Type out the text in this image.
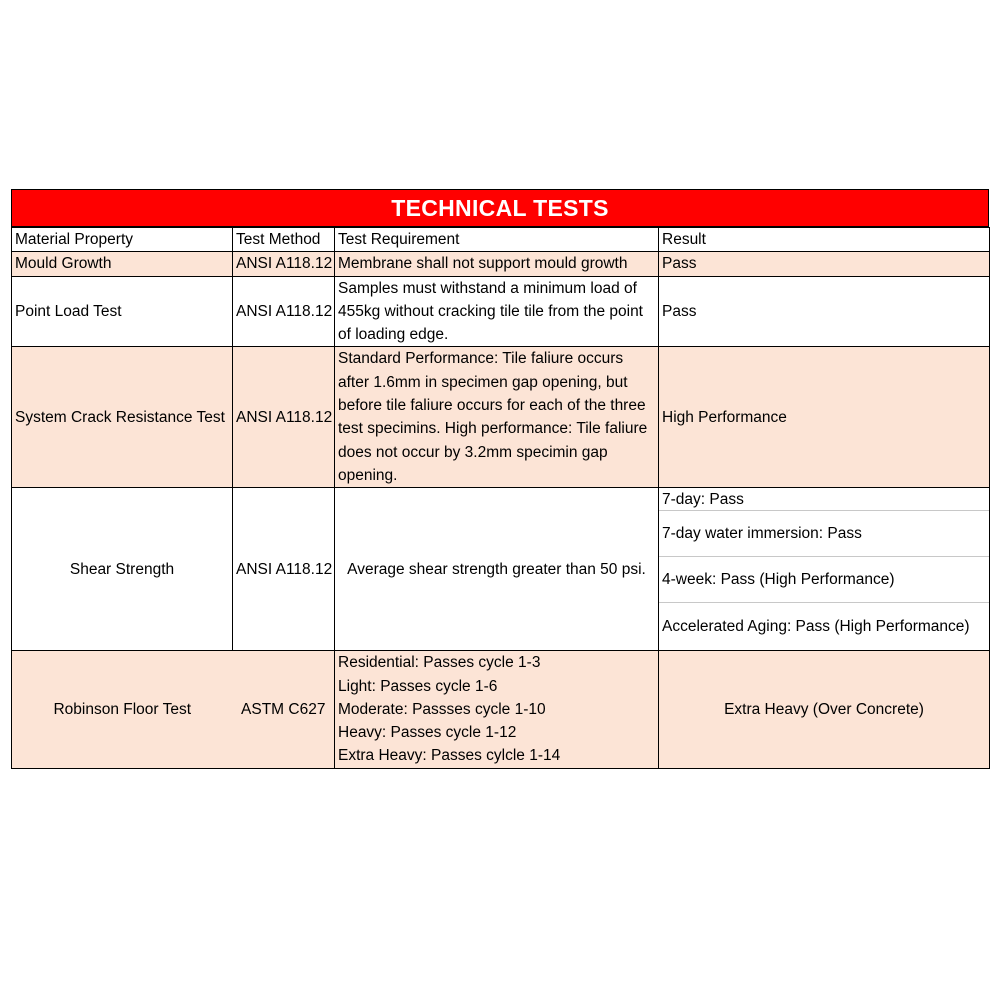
TECHNICAL TESTS
Material Property	Test Method	Test Requirement	Result
Mould Growth	ANSI A118.12	Membrane shall not support mould growth	Pass
Point Load Test	ANSI A118.12	Samples must withstand a minimum load of 455kg without cracking tile tile from the point of loading edge.	Pass
System Crack Resistance Test	ANSI A118.12	Standard Performance: Tile faliure occurs after 1.6mm in specimen gap opening, but before tile faliure occurs for each of the three test specimins. High performance: Tile faliure does not occur by 3.2mm specimin gap opening.	High Performance
Shear Strength	ANSI A118.12	Average shear strength greater than 50 psi.	7-day: Pass
7-day water immersion: Pass
4-week: Pass (High Performance)
Accelerated Aging: Pass (High Performance)

Robinson Floor Test	ASTM C627	Residential: Passes cycle 1-3
Light: Passes cycle 1-6
Moderate: Passses cycle 1-10
Heavy: Passes cycle 1-12
Extra Heavy: Passes cylcle 1-14	Extra Heavy (Over Concrete)
